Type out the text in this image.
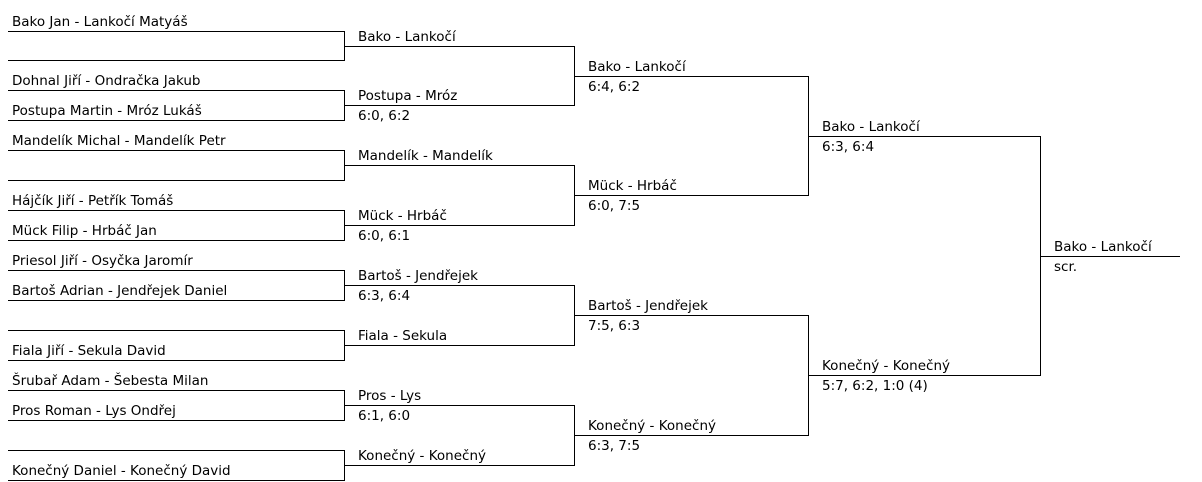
Bako Jan - Lankočí Matyáš
Dohnal Jiří - Ondračka Jakub
Postupa Martin - Mróz Lukáš
Mandelík Michal - Mandelík Petr
Hájčík Jiří - Petřík Tomáš
Mück Filip - Hrbáč Jan
Priesol Jiří - Osyčka Jaromír
Bartoš Adrian - Jendřejek Daniel
Fiala Jiří - Sekula David
Šrubař Adam - Šebesta Milan
Pros Roman - Lys Ondřej
Konečný Daniel - Konečný David
Bako - Lankočí
Postupa - Mróz
6:0, 6:2
Mandelík - Mandelík
Mück - Hrbáč
6:0, 6:1
Bartoš - Jendřejek
6:3, 6:4
Fiala - Sekula
Pros - Lys
6:1, 6:0
Konečný - Konečný
Bako - Lankočí
6:4, 6:2
Mück - Hrbáč
6:0, 7:5
Bartoš - Jendřejek
7:5, 6:3
Konečný - Konečný
6:3, 7:5
Bako - Lankočí
6:3, 6:4
Konečný - Konečný
5:7, 6:2, 1:0 (4)
Bako - Lankočí
scr.
